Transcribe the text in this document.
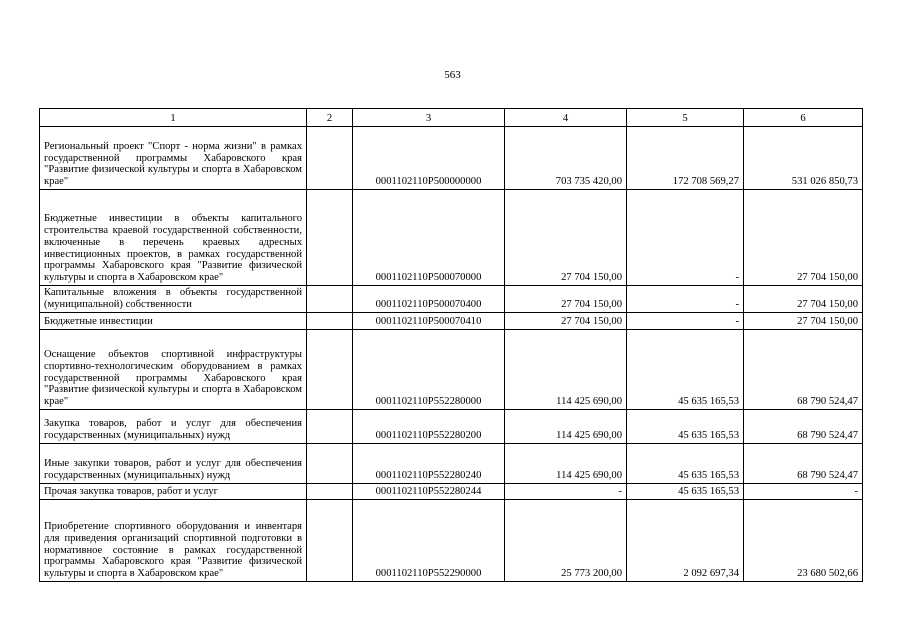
563
1	2	3	4	5	6
Региональный проект "Спорт - норма жизни" в рамках государственной программы Хабаровского края "Развитие физической культуры и спорта в Хабаровском крае"		0001102110P500000000	703 735 420,00	172 708 569,27	531 026 850,73
Бюджетные инвестиции в объекты капитального строительства краевой государственной собственности, включенные в перечень краевых адресных инвестиционных проектов, в рамках государственной программы Хабаровского края "Развитие физической культуры и спорта в Хабаровском крае"		0001102110P500070000	27 704 150,00	-	27 704 150,00
Капитальные вложения в объекты государственной (муниципальной) собственности		0001102110P500070400	27 704 150,00	-	27 704 150,00
Бюджетные инвестиции		0001102110P500070410	27 704 150,00	-	27 704 150,00
Оснащение объектов спортивной инфраструктуры спортивно-технологическим оборудованием в рамках государственной программы Хабаровского края "Развитие физической культуры и спорта в Хабаровском крае"		0001102110P552280000	114 425 690,00	45 635 165,53	68 790 524,47
Закупка товаров, работ и услуг для обеспечения государственных (муниципальных) нужд		0001102110P552280200	114 425 690,00	45 635 165,53	68 790 524,47
Иные закупки товаров, работ и услуг для обеспечения государственных (муниципальных) нужд		0001102110P552280240	114 425 690,00	45 635 165,53	68 790 524,47
Прочая закупка товаров, работ и услуг		0001102110P552280244	-	45 635 165,53	-
Приобретение спортивного оборудования и инвентаря для приведения организаций спортивной подготовки в нормативное состояние в рамках государственной программы Хабаровского края "Развитие физической культуры и спорта в Хабаровском крае"		0001102110P552290000	25 773 200,00	2 092 697,34	23 680 502,66
